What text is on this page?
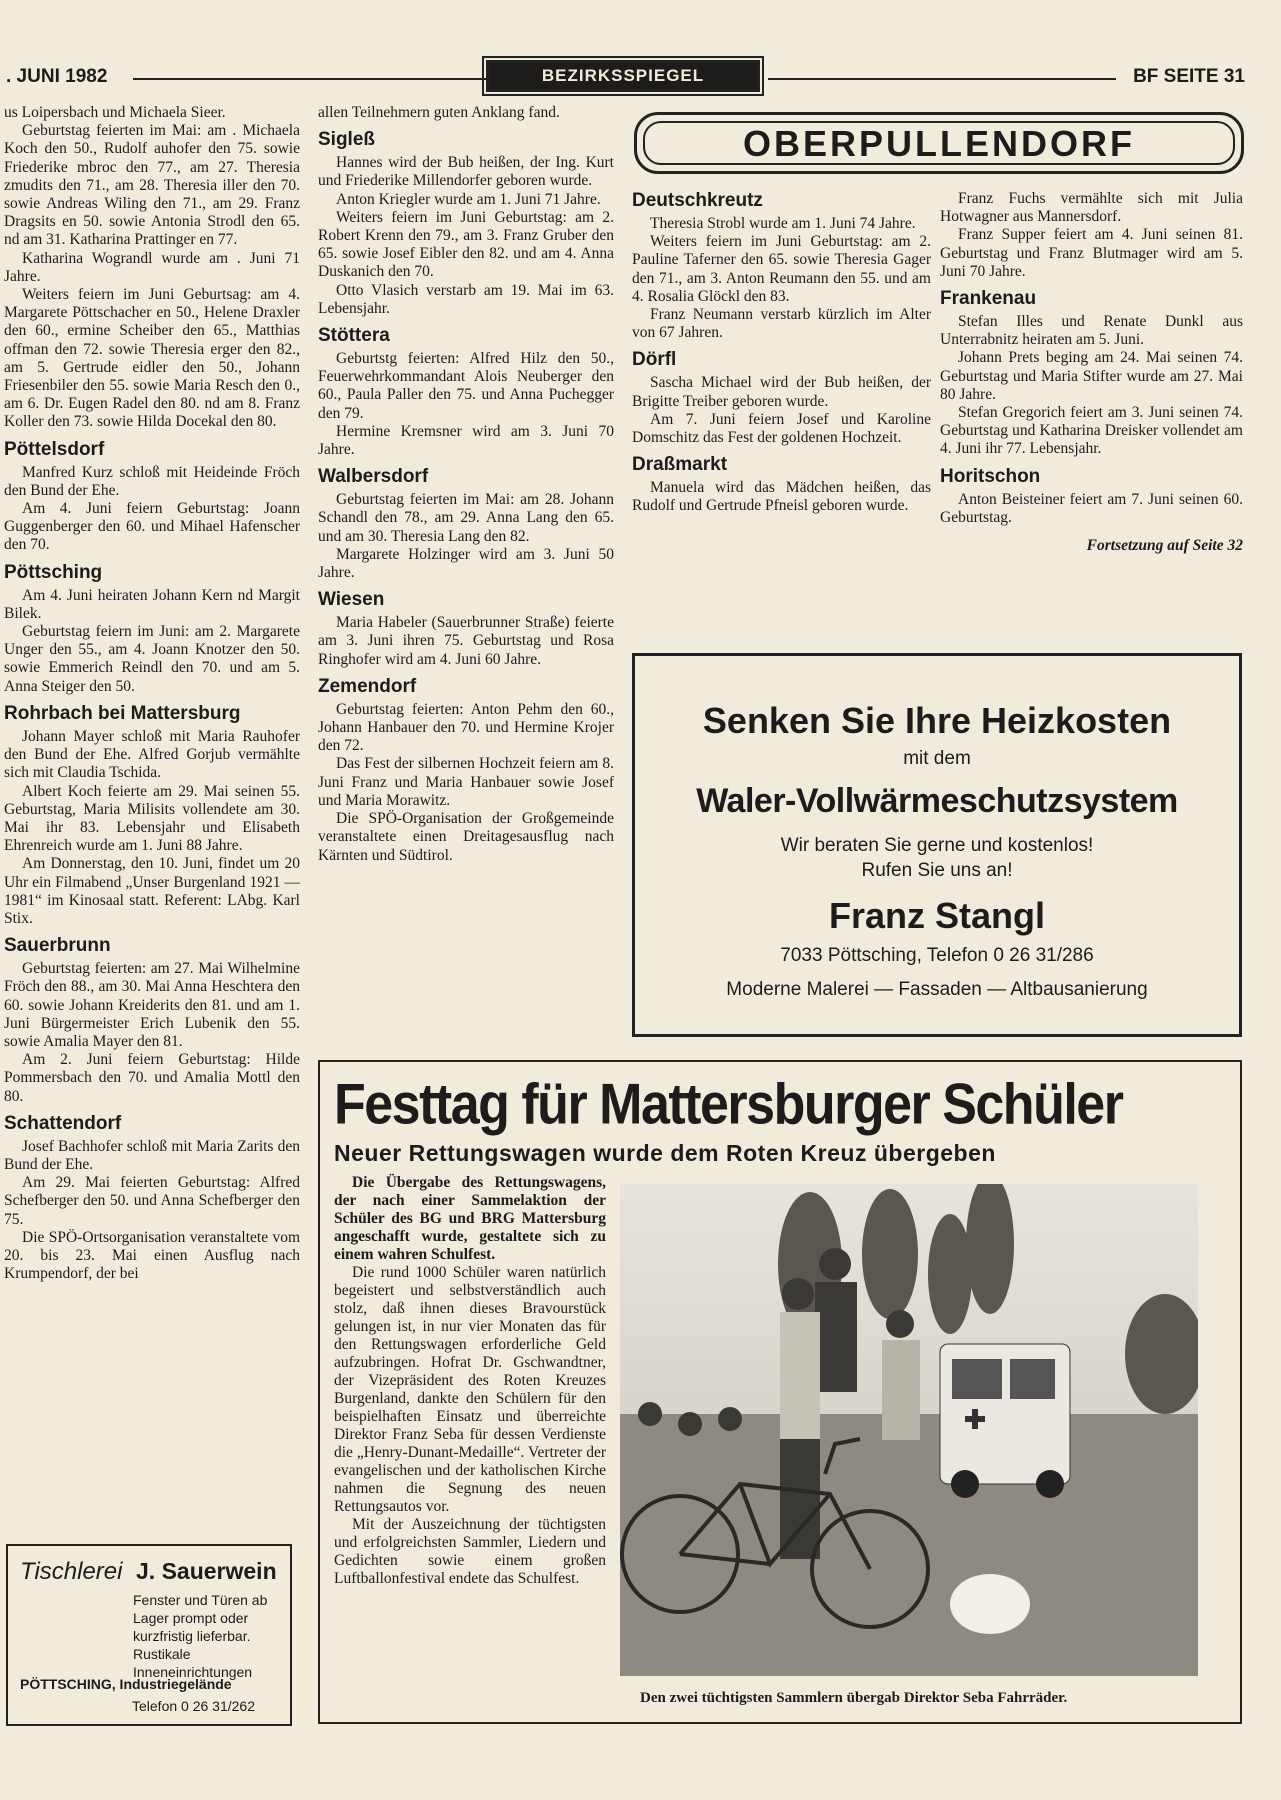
. JUNI 1982	BEZIRKSSPIEGEL	BF SEITE 31

us Loipersbach und Michaela Sieer.

Geburtstag feierten im Mai: am . Michaela Koch den 50., Rudolf auhofer den 75. sowie Friederike mbroc den 77., am 27. Theresia zmudits den 71., am 28. Theresia iller den 70. sowie Andreas Wiling den 71., am 29. Franz Dragsits en 50. sowie Antonia Strodl den 65. nd am 31. Katharina Prattinger en 77.

Katharina Wograndl wurde am . Juni 71 Jahre.

Weiters feiern im Juni Geburtsag: am 4. Margarete Pöttschacher en 50., Helene Draxler den 60., ermine Scheiber den 65., Matthias offman den 72. sowie Theresia erger den 82., am 5. Gertrude eidler den 50., Johann Friesenbiler den 55. sowie Maria Resch den 0., am 6. Dr. Eugen Radel den 80. nd am 8. Franz Koller den 73. sowie Hilda Docekal den 80.

Pöttelsdorf

Manfred Kurz schloß mit Heideinde Fröch den Bund der Ehe.

Am 4. Juni feiern Geburtstag: Joann Guggenberger den 60. und Mihael Hafenscher den 70.

Pöttsching

Am 4. Juni heiraten Johann Kern nd Margit Bilek.

Geburtstag feiern im Juni: am 2. Margarete Unger den 55., am 4. Joann Knotzer den 50. sowie Emmerich Reindl den 70. und am 5. Anna Steiger den 50.

Rohrbach bei Mattersburg

Johann Mayer schloß mit Maria Rauhofer den Bund der Ehe. Alfred Gorjub vermählte sich mit Claudia Tschida.

Albert Koch feierte am 29. Mai seinen 55. Geburtstag, Maria Milisits vollendete am 30. Mai ihr 83. Lebensjahr und Elisabeth Ehrenreich wurde am 1. Juni 88 Jahre.

Am Donnerstag, den 10. Juni, findet um 20 Uhr ein Filmabend „Unser Burgenland 1921 — 1981“ im Kinosaal statt. Referent: LAbg. Karl Stix.

Sauerbrunn

Geburtstag feierten: am 27. Mai Wilhelmine Fröch den 88., am 30. Mai Anna Heschtera den 60. sowie Johann Kreiderits den 81. und am 1. Juni Bürgermeister Erich Lubenik den 55. sowie Amalia Mayer den 81.

Am 2. Juni feiern Geburtstag: Hilde Pommersbach den 70. und Amalia Mottl den 80.

Schattendorf

Josef Bachhofer schloß mit Maria Zarits den Bund der Ehe.

Am 29. Mai feierten Geburtstag: Alfred Schefberger den 50. und Anna Schefberger den 75.

Die SPÖ-Ortsorganisation veranstaltete vom 20. bis 23. Mai einen Ausflug nach Krumpendorf, der bei

Tischlerei J. Sauerwein
Fenster und Türen ab Lager prompt oder kurzfristig lieferbar. Rustikale Inneneinrichtungen
PÖTTSCHING, Industriegelände
Telefon 0 26 31/262

allen Teilnehmern guten Anklang fand.

Sigleß

Hannes wird der Bub heißen, der Ing. Kurt und Friederike Millendorfer geboren wurde.

Anton Kriegler wurde am 1. Juni 71 Jahre.

Weiters feiern im Juni Geburtstag: am 2. Robert Krenn den 79., am 3. Franz Gruber den 65. sowie Josef Eibler den 82. und am 4. Anna Duskanich den 70.

Otto Vlasich verstarb am 19. Mai im 63. Lebensjahr.

Stöttera

Geburtstg feierten: Alfred Hilz den 50., Feuerwehrkommandant Alois Neuberger den 60., Paula Paller den 75. und Anna Puchegger den 79.

Hermine Kremsner wird am 3. Juni 70 Jahre.

Walbersdorf

Geburtstag feierten im Mai: am 28. Johann Schandl den 78., am 29. Anna Lang den 65. und am 30. Theresia Lang den 82.

Margarete Holzinger wird am 3. Juni 50 Jahre.

Wiesen

Maria Habeler (Sauerbrunner Straße) feierte am 3. Juni ihren 75. Geburtstag und Rosa Ringhofer wird am 4. Juni 60 Jahre.

Zemendorf

Geburtstag feierten: Anton Pehm den 60., Johann Hanbauer den 70. und Hermine Krojer den 72.

Das Fest der silbernen Hochzeit feiern am 8. Juni Franz und Maria Hanbauer sowie Josef und Maria Morawitz.

Die SPÖ-Organisation der Großgemeinde veranstaltete einen Dreitagesausflug nach Kärnten und Südtirol.

OBERPULLENDORF
Deutschkreutz

Theresia Strobl wurde am 1. Juni 74 Jahre.

Weiters feiern im Juni Geburtstag: am 2. Pauline Taferner den 65. sowie Theresia Gager den 71., am 3. Anton Reumann den 55. und am 4. Rosalia Glöckl den 83.

Franz Neumann verstarb kürzlich im Alter von 67 Jahren.

Dörfl

Sascha Michael wird der Bub heißen, der Brigitte Treiber geboren wurde.

Am 7. Juni feiern Josef und Karoline Domschitz das Fest der goldenen Hochzeit.

Draßmarkt

Manuela wird das Mädchen heißen, das Rudolf und Gertrude Pfneisl geboren wurde.

Franz Fuchs vermählte sich mit Julia Hotwagner aus Mannersdorf.

Franz Supper feiert am 4. Juni seinen 81. Geburtstag und Franz Blutmager wird am 5. Juni 70 Jahre.

Frankenau

Stefan Illes und Renate Dunkl aus Unterrabnitz heiraten am 5. Juni.

Johann Prets beging am 24. Mai seinen 74. Geburtstag und Maria Stifter wurde am 27. Mai 80 Jahre.

Stefan Gregorich feiert am 3. Juni seinen 74. Geburtstag und Katharina Dreisker vollendet am 4. Juni ihr 77. Lebensjahr.

Horitschon

Anton Beisteiner feiert am 7. Juni seinen 60. Geburtstag.

Fortsetzung auf Seite 32

Senken Sie Ihre Heizkosten
mit dem
Waler-Vollwärmeschutzsystem
Wir beraten Sie gerne und kostenlos!
Rufen Sie uns an!
Franz Stangl
7033 Pöttsching, Telefon 0 26 31/286
Moderne Malerei — Fassaden — Altbausanierung
Festtag für Mattersburger Schüler
Neuer Rettungswagen wurde dem Roten Kreuz übergeben

Die Übergabe des Rettungswagens, der nach einer Sammelaktion der Schüler des BG und BRG Mattersburg angeschafft wurde, gestaltete sich zu einem wahren Schulfest.

Die rund 1000 Schüler waren natürlich begeistert und selbstverständlich auch stolz, daß ihnen dieses Bravourstück gelungen ist, in nur vier Monaten das für den Rettungswagen erforderliche Geld aufzubringen. Hofrat Dr. Gschwandtner, der Vizepräsident des Roten Kreuzes Burgenland, dankte den Schülern für den beispielhaften Einsatz und überreichte Direktor Franz Seba für dessen Verdienste die „Henry-Dunant-Medaille“. Vertreter der evangelischen und der katholischen Kirche nahmen die Segnung des neuen Rettungsautos vor.

Mit der Auszeichnung der tüchtigsten und erfolgreichsten Sammler, Liedern und Gedichten sowie einem großen Luftballonfestival endete das Schulfest.

Den zwei tüchtigsten Sammlern übergab Direktor Seba Fahrräder.
